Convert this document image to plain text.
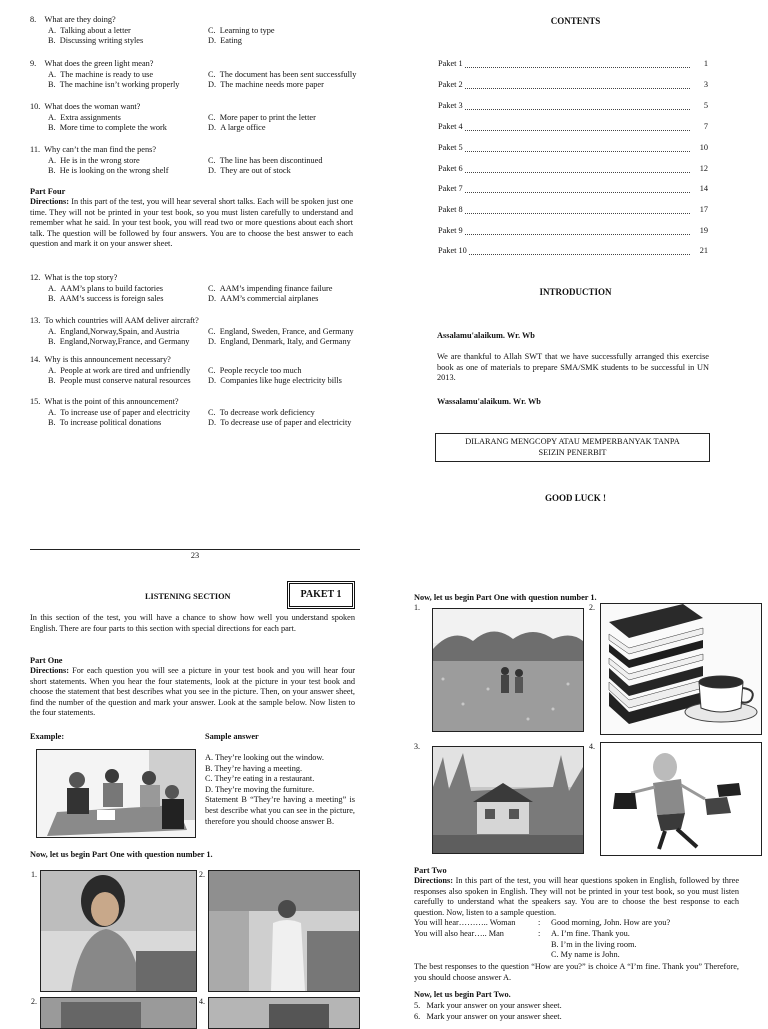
8.    What are they doing?
A.  Talking about a letter	C.  Learning to type
B.  Discussing writing styles	D.  Eating
9.    What does the green light mean?
A.  The machine is ready to use	C.  The document has been sent successfully
B.  The machine isn’t working properly	D.  The machine needs more paper
10.  What does the woman want?
A.  Extra assignments	C.  More paper to print the letter
B.  More time to complete the work	D.  A large office
11.  Why can’t the man find the pens?
A.  He is in the wrong store	C.  The line has been discontinued
B.  He is looking on the wrong shelf	D.  They are out of stock
Part Four
Directions: In this part of the test, you will hear several short talks. Each will be spoken just one time. They will not be printed in your test book, so you must listen carefully to understand and remember what he said. In your test book, you will read two or more questions about each short talk. The question will be followed by four answers. You are to choose the best answer to each question and mark it on your answer sheet.
12.  What is the top story?
A.  AAM’s plans to build factories	C.  AAM’s impending finance failure
B.  AAM’s success is foreign sales	D.  AAM’s commercial airplanes
13.  To which countries will AAM deliver aircraft?
A.  England,Norway,Spain, and Austria	C.  England, Sweden, France, and Germany
B.  England,Norway,France, and Germany	D.  England, Denmark, Italy, and Germany
14.  Why is this announcement necessary?
A.  People at work are tired and unfriendly	C.  People recycle too much
B.  People must conserve natural resources	D.  Companies like huge electricity bills
15.  What is the point of this announcement?
A.  To increase use of paper and electricity	C.  To decrease work deficiency
B.  To increase political donations	D.  To decrease use of paper and electricity
23
CONTENTS
Paket 1	1
Paket 2	3
Paket 3	5
Paket 4	7
Paket 5	10
Paket 6	12
Paket 7	14
Paket 8	17
Paket 9	19
Paket 10	21
INTRODUCTION
Assalamu'alaikum. Wr. Wb
We are thankful to Allah SWT that we have successfully arranged this exercise book as one of materials to prepare SMA/SMK students to be successful in UN 2013.
Wassalamu'alaikum. Wr. Wb
DILARANG MENGCOPY ATAU MEMPERBANYAK TANPA
SEIZIN PENERBIT
GOOD LUCK !
LISTENING SECTION	PAKET 1
In this section of the test, you will have a chance to show how well you understand spoken English. There are four parts to this section with special directions for each part.
Part One
Directions: For each question you will see a picture in your test book and you will hear four short statements. When you hear the four statements, look at the picture in your test book and choose the statement that best describes what you see in the picture. Then, on your answer sheet, find the number of the question and mark your answer. Look at the sample below. Now listen to the four statements.
Example:	Sample answer
A. They’re looking out the window.
B. They’re having a meeting.
C. They’re eating in a restaurant.
D. They’re moving the furniture.
Statement B “They’re having a meeting” is best describe what you can see in the picture, therefore you should choose answer B.
Now, let us begin Part One with question number 1.
1.	2.
2.	4.
Now, let us begin Part One with question number 1.
1.	2.
3.	4.
Part Two
Directions: In this part of the test, you will hear questions spoken in English, followed by three responses also spoken in English. They will not be printed in your test book, so you must listen carefully to understand what the speakers say. You are to choose the best response to each question. Now, listen to a sample question.
You will hear……….. Woman	: Good morning, John. How are you?
You will also hear….. Man	: A. I’m fine. Thank you.
B. I’m in the living room.
C. My name is John.
The best responses to the question “How are you?” is choice A “I’m fine. Thank you” Therefore, you should choose answer A.
Now, let us begin Part Two.
5.   Mark your answer on your answer sheet.
6.   Mark your answer on your answer sheet.
